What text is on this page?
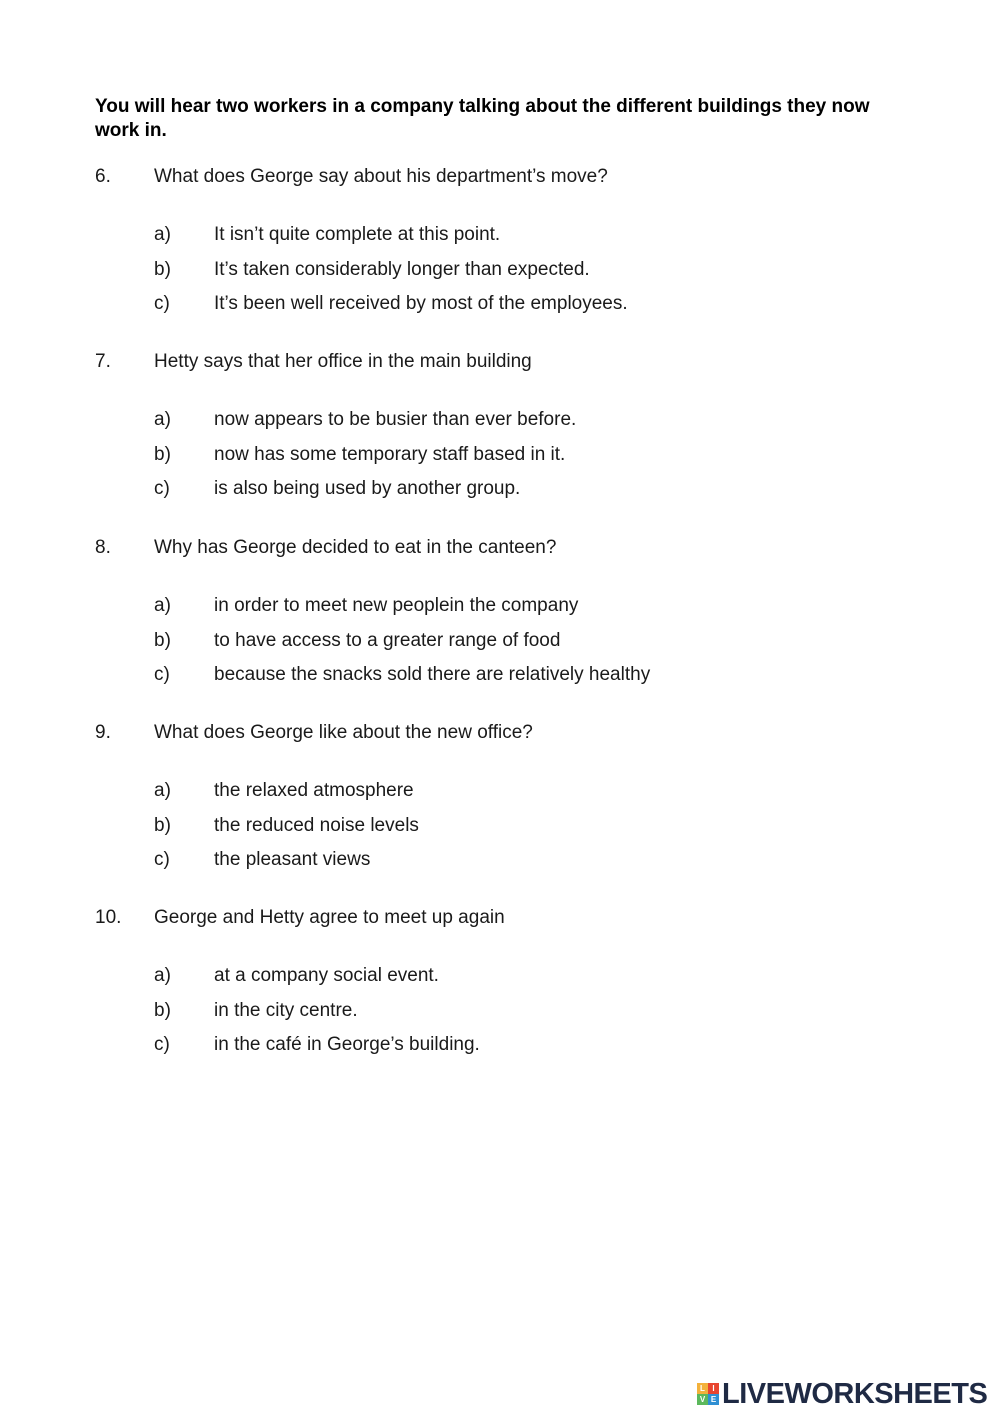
You will hear two workers in a company talking about the different buildings they now work in.
6. What does George say about his department’s move?
a) It isn’t quite complete at this point.
b) It’s taken considerably longer than expected.
c) It’s been well received by most of the employees.
7. Hetty says that her office in the main building
a) now appears to be busier than ever before.
b) now has some temporary staff based in it.
c) is also being used by another group.
8. Why has George decided to eat in the canteen?
a) in order to meet new peoplein the company
b) to have access to a greater range of food
c) because the snacks sold there are relatively healthy
9. What does George like about the new office?
a) the relaxed atmosphere
b) the reduced noise levels
c) the pleasant views
10. George and Hetty agree to meet up again
a) at a company social event.
b) in the city centre.
c) in the café in George’s building.
L I
V E LIVEWORKSHEETS
